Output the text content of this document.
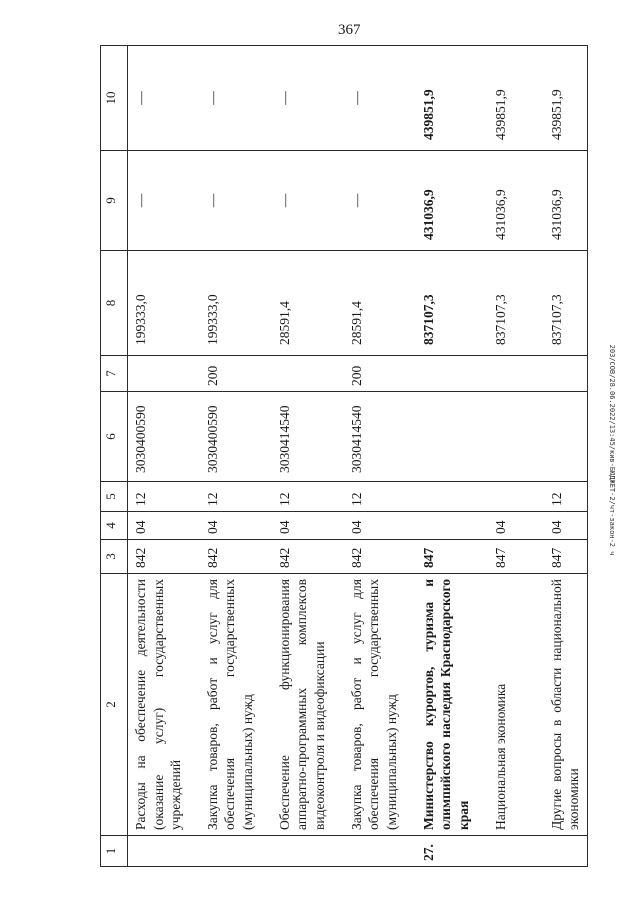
367
203/СОВ/28.06.2022/13:45/кив-БЮДЖЕТ-2/чт-закон-2 ч
1	2	3	4	5	6	7	8	9	10
	Расходы на обеспечение деятельности (оказание услуг) государственных учреждений	842	04	12	3030400590		199333,0	—	—
	Закупка товаров, работ и услуг для обеспечения государственных (муниципальных) нужд	842	04	12	3030400590	200	199333,0	—	—
	Обеспечение функционирования аппаратно-программных комплексов видеоконтроля и видеофиксации	842	04	12	3030414540		28591,4	—	—
	Закупка товаров, работ и услуг для обеспечения государственных (муниципальных) нужд	842	04	12	3030414540	200	28591,4	—	—
27.	Министерство курортов, туризма и олимпийского наследия Краснодарского края	847					837107,3	431036,9	439851,9
	Национальная экономика	847	04				837107,3	431036,9	439851,9
	Другие вопросы в области национальной экономики	847	04	12			837107,3	431036,9	439851,9
